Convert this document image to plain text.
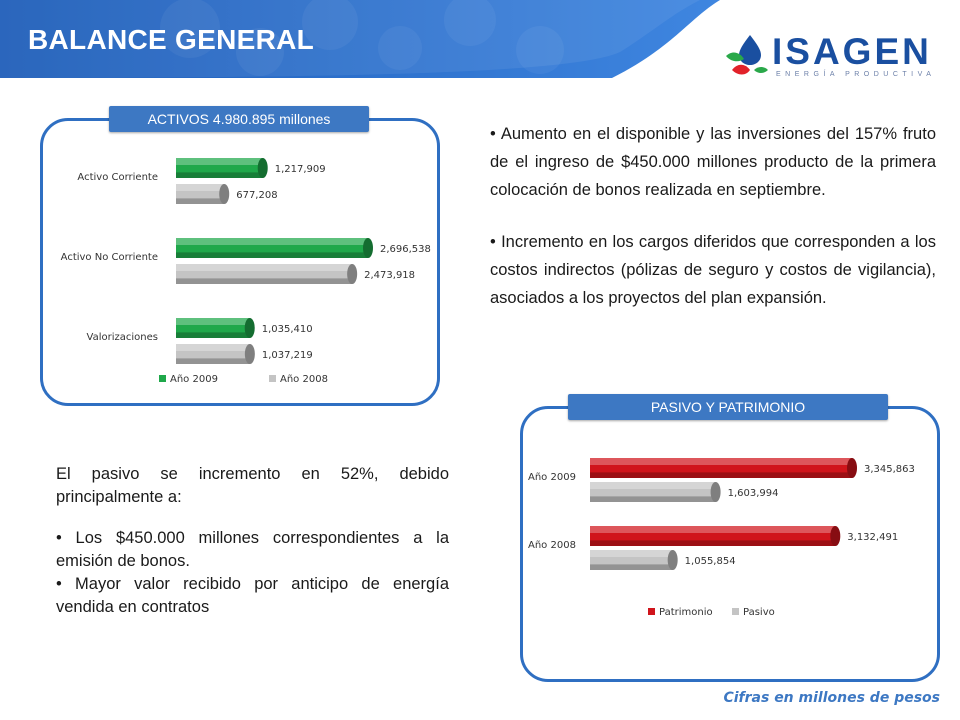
BALANCE GENERAL	ISAGEN
ENERGÍA PRODUCTIVA
ACTIVOS 4.980.895 millones
Activo Corriente
1,217,909
677,208
Activo No Corriente
2,696,538
2,473,918
Valorizaciones
1,035,410
1,037,219
Año 2009	Año 2008
PASIVO Y PATRIMONIO
Año 2009
3,345,863
1,603,994
Año 2008
3,132,491
1,055,854
Patrimonio	Pasivo

• Aumento en el disponible y las inversiones del 157% fruto de el ingreso de $450.000 millones producto de la primera colocación de bonos realizada en septiembre.

• Incremento en los cargos diferidos que corresponden a los costos indirectos (pólizas de seguro y costos de vigilancia), asociados a los proyectos del plan expansión.

El pasivo se incremento en 52%, debido principalmente a:

• Los $450.000 millones correspondientes a la emisión de bonos.
• Mayor valor recibido por anticipo de energía vendida en contratos
Cifras en millones de pesos
